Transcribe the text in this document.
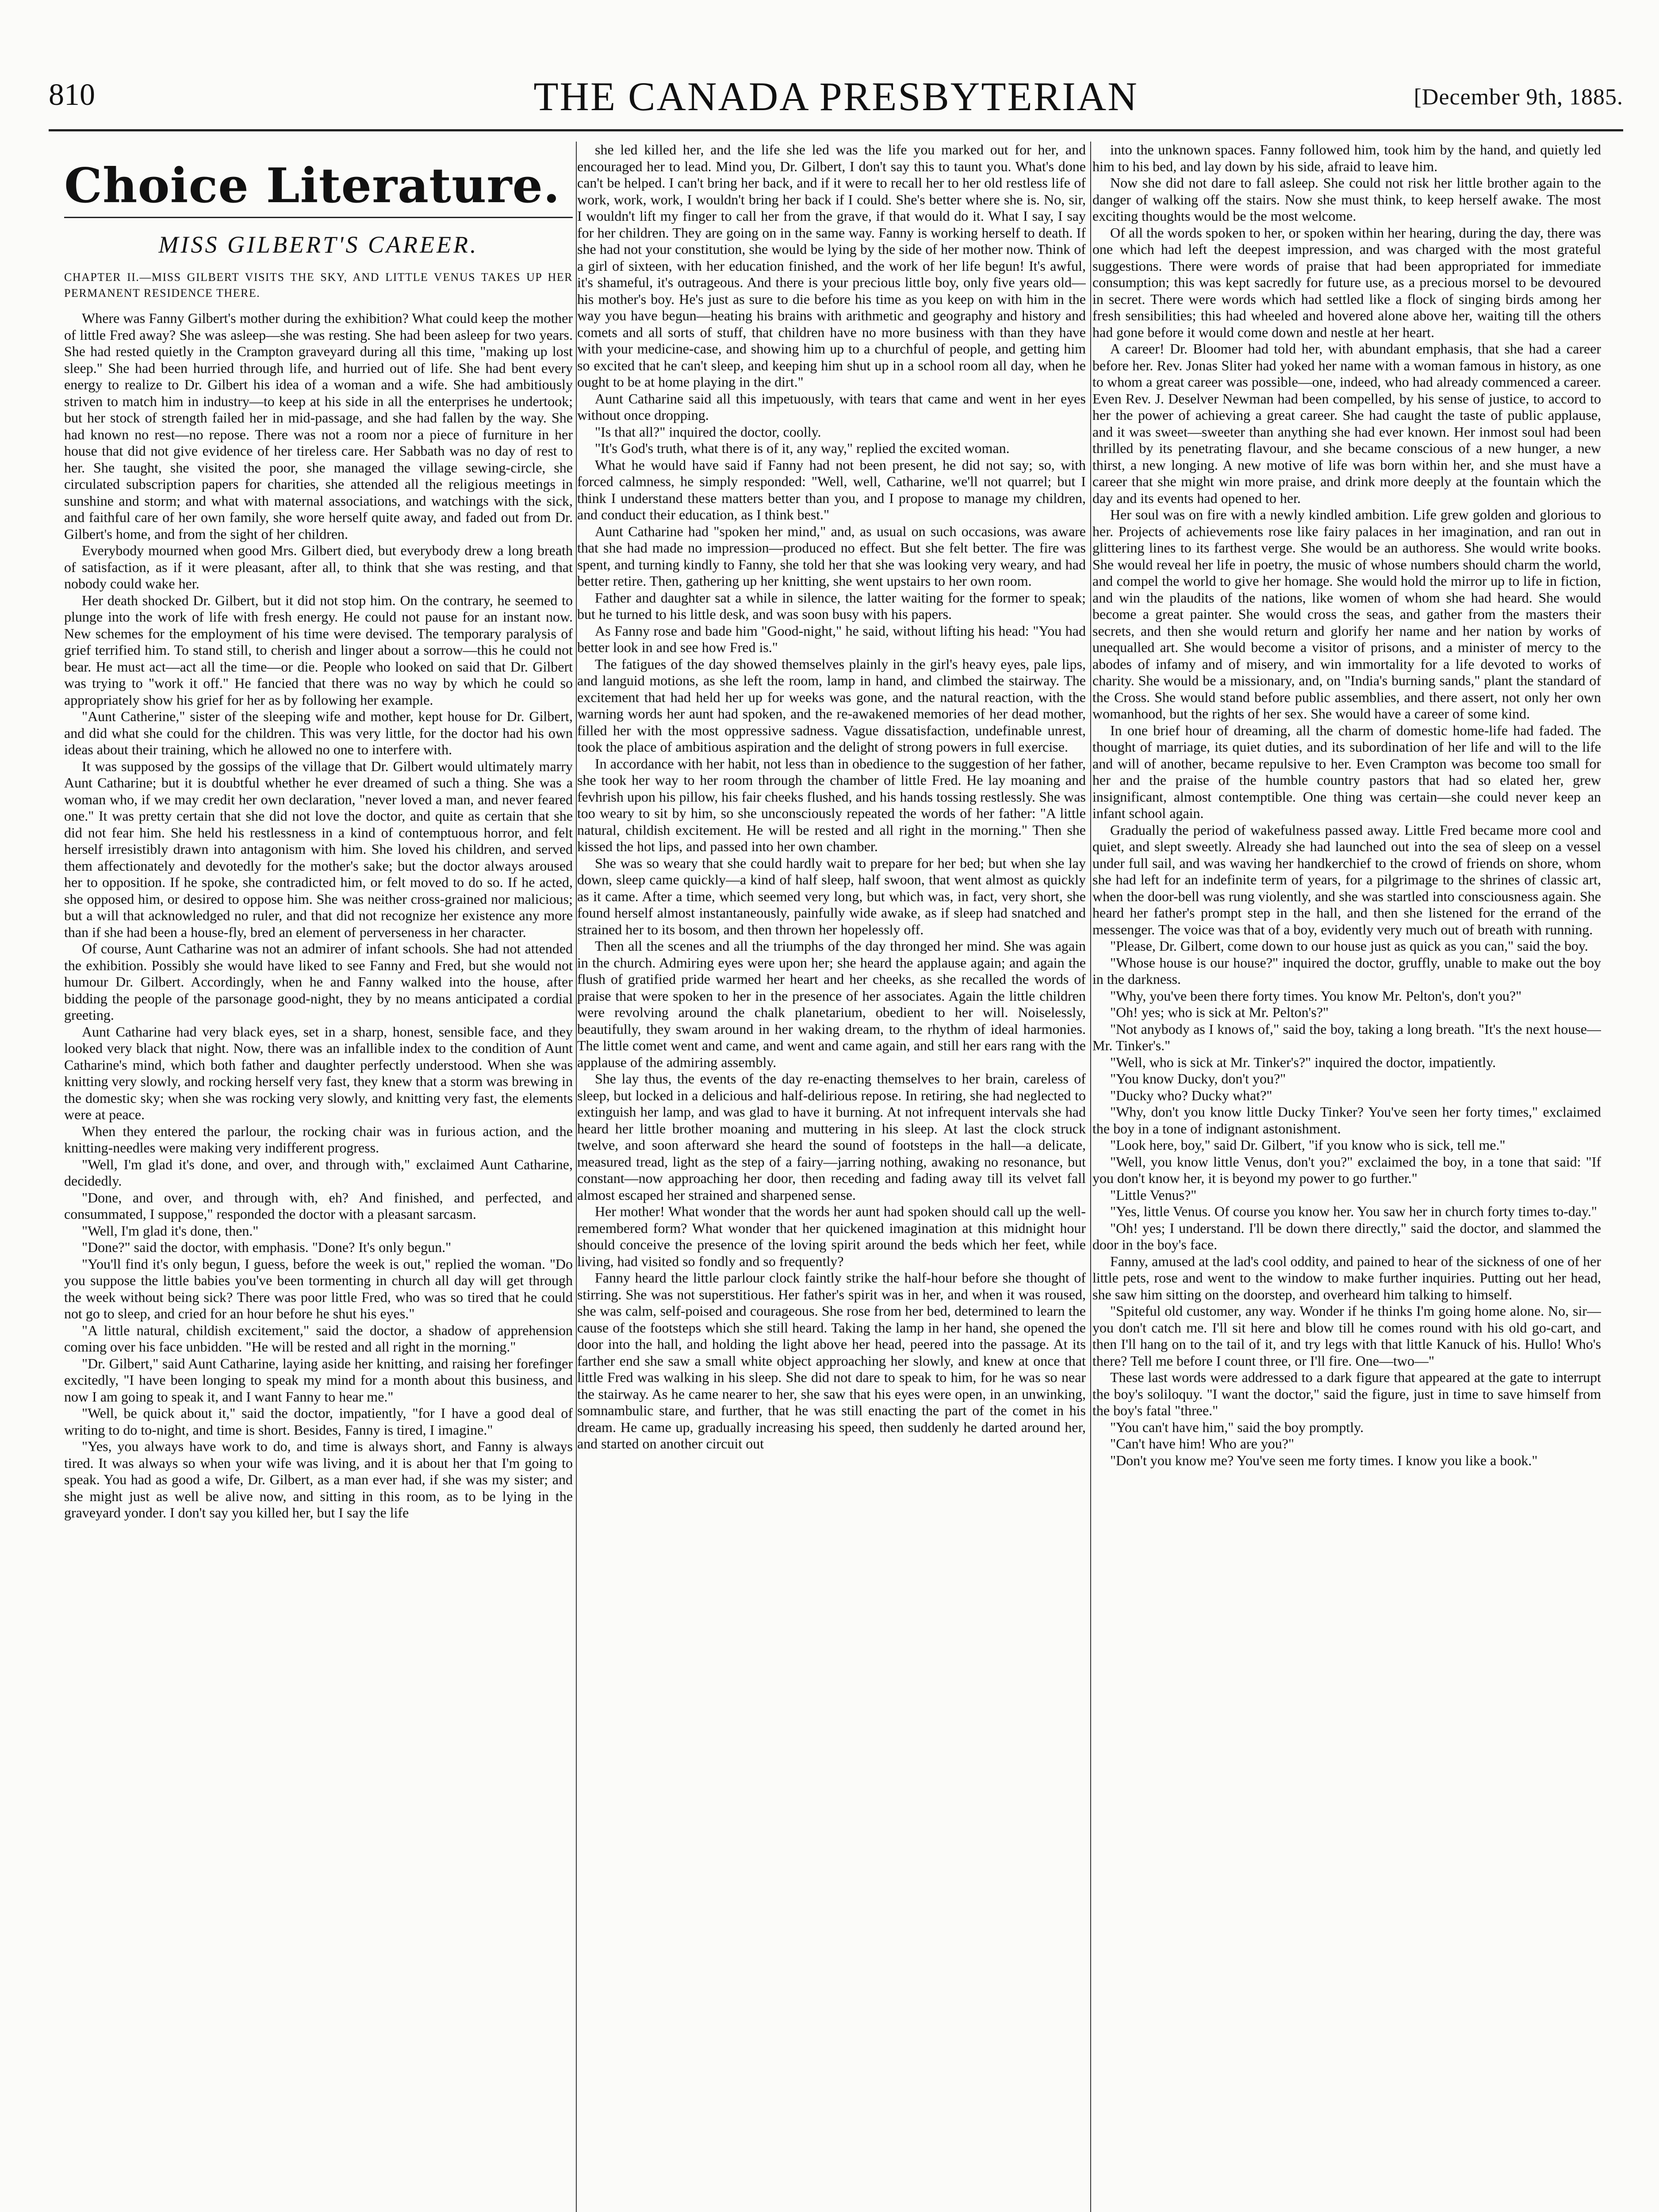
810	THE CANADA PRESBYTERIAN	[December 9th, 1885.
Choice Literature.
MISS GILBERT'S CAREER.
CHAPTER II.—MISS GILBERT VISITS THE SKY, AND LITTLE VENUS TAKES UP HER PERMANENT RESIDENCE THERE.

Where was Fanny Gilbert's mother during the exhibition? What could keep the mother of little Fred away? She was asleep—she was resting. She had been asleep for two years. She had rested quietly in the Crampton graveyard during all this time, "making up lost sleep." She had been hurried through life, and hurried out of life. She had bent every energy to realize to Dr. Gilbert his idea of a woman and a wife. She had ambitiously striven to match him in industry—to keep at his side in all the enterprises he undertook; but her stock of strength failed her in mid-passage, and she had fallen by the way. She had known no rest—no repose. There was not a room nor a piece of furniture in her house that did not give evidence of her tireless care. Her Sabbath was no day of rest to her. She taught, she visited the poor, she managed the village sewing-circle, she circulated subscription papers for charities, she attended all the religious meetings in sunshine and storm; and what with maternal associations, and watchings with the sick, and faithful care of her own family, she wore herself quite away, and faded out from Dr. Gilbert's home, and from the sight of her children.

Everybody mourned when good Mrs. Gilbert died, but everybody drew a long breath of satisfaction, as if it were pleasant, after all, to think that she was resting, and that nobody could wake her.

Her death shocked Dr. Gilbert, but it did not stop him. On the contrary, he seemed to plunge into the work of life with fresh energy. He could not pause for an instant now. New schemes for the employment of his time were devised. The temporary paralysis of grief terrified him. To stand still, to cherish and linger about a sorrow—this he could not bear. He must act—act all the time—or die. People who looked on said that Dr. Gilbert was trying to "work it off." He fancied that there was no way by which he could so appropriately show his grief for her as by following her example.

"Aunt Catherine," sister of the sleeping wife and mother, kept house for Dr. Gilbert, and did what she could for the children. This was very little, for the doctor had his own ideas about their training, which he allowed no one to interfere with.

It was supposed by the gossips of the village that Dr. Gilbert would ultimately marry Aunt Catharine; but it is doubtful whether he ever dreamed of such a thing. She was a woman who, if we may credit her own declaration, "never loved a man, and never feared one." It was pretty certain that she did not love the doctor, and quite as certain that she did not fear him. She held his restlessness in a kind of contemptuous horror, and felt herself irresistibly drawn into antagonism with him. She loved his children, and served them affectionately and devotedly for the mother's sake; but the doctor always aroused her to opposition. If he spoke, she contradicted him, or felt moved to do so. If he acted, she opposed him, or desired to oppose him. She was neither cross-grained nor malicious; but a will that acknowledged no ruler, and that did not recognize her existence any more than if she had been a house-fly, bred an element of perverseness in her character.

Of course, Aunt Catharine was not an admirer of infant schools. She had not attended the exhibition. Possibly she would have liked to see Fanny and Fred, but she would not humour Dr. Gilbert. Accordingly, when he and Fanny walked into the house, after bidding the people of the parsonage good-night, they by no means anticipated a cordial greeting.

Aunt Catharine had very black eyes, set in a sharp, honest, sensible face, and they looked very black that night. Now, there was an infallible index to the condition of Aunt Catharine's mind, which both father and daughter perfectly understood. When she was knitting very slowly, and rocking herself very fast, they knew that a storm was brewing in the domestic sky; when she was rocking very slowly, and knitting very fast, the elements were at peace.

When they entered the parlour, the rocking chair was in furious action, and the knitting-needles were making very indifferent progress.

"Well, I'm glad it's done, and over, and through with," exclaimed Aunt Catharine, decidedly.

"Done, and over, and through with, eh? And finished, and perfected, and consummated, I suppose," responded the doctor with a pleasant sarcasm.

"Well, I'm glad it's done, then."

"Done?" said the doctor, with emphasis. "Done? It's only begun."

"You'll find it's only begun, I guess, before the week is out," replied the woman. "Do you suppose the little babies you've been tormenting in church all day will get through the week without being sick? There was poor little Fred, who was so tired that he could not go to sleep, and cried for an hour before he shut his eyes."

"A little natural, childish excitement," said the doctor, a shadow of apprehension coming over his face unbidden. "He will be rested and all right in the morning."

"Dr. Gilbert," said Aunt Catharine, laying aside her knitting, and raising her forefinger excitedly, "I have been longing to speak my mind for a month about this business, and now I am going to speak it, and I want Fanny to hear me."

"Well, be quick about it," said the doctor, impatiently, "for I have a good deal of writing to do to-night, and time is short. Besides, Fanny is tired, I imagine."

"Yes, you always have work to do, and time is always short, and Fanny is always tired. It was always so when your wife was living, and it is about her that I'm going to speak. You had as good a wife, Dr. Gilbert, as a man ever had, if she was my sister; and she might just as well be alive now, and sitting in this room, as to be lying in the graveyard yonder. I don't say you killed her, but I say the life

she led killed her, and the life she led was the life you marked out for her, and encouraged her to lead. Mind you, Dr. Gilbert, I don't say this to taunt you. What's done can't be helped. I can't bring her back, and if it were to recall her to her old restless life of work, work, work, I wouldn't bring her back if I could. She's better where she is. No, sir, I wouldn't lift my finger to call her from the grave, if that would do it. What I say, I say for her children. They are going on in the same way. Fanny is working herself to death. If she had not your constitution, she would be lying by the side of her mother now. Think of a girl of sixteen, with her education finished, and the work of her life begun! It's awful, it's shameful, it's outrageous. And there is your precious little boy, only five years old—his mother's boy. He's just as sure to die before his time as you keep on with him in the way you have begun—heating his brains with arithmetic and geography and history and comets and all sorts of stuff, that children have no more business with than they have with your medicine-case, and showing him up to a churchful of people, and getting him so excited that he can't sleep, and keeping him shut up in a school room all day, when he ought to be at home playing in the dirt."

Aunt Catharine said all this impetuously, with tears that came and went in her eyes without once dropping.

"Is that all?" inquired the doctor, coolly.

"It's God's truth, what there is of it, any way," replied the excited woman.

What he would have said if Fanny had not been present, he did not say; so, with forced calmness, he simply responded: "Well, well, Catharine, we'll not quarrel; but I think I understand these matters better than you, and I propose to manage my children, and conduct their education, as I think best."

Aunt Catharine had "spoken her mind," and, as usual on such occasions, was aware that she had made no impression—produced no effect. But she felt better. The fire was spent, and turning kindly to Fanny, she told her that she was looking very weary, and had better retire. Then, gathering up her knitting, she went upstairs to her own room.

Father and daughter sat a while in silence, the latter waiting for the former to speak; but he turned to his little desk, and was soon busy with his papers.

As Fanny rose and bade him "Good-night," he said, without lifting his head: "You had better look in and see how Fred is."

The fatigues of the day showed themselves plainly in the girl's heavy eyes, pale lips, and languid motions, as she left the room, lamp in hand, and climbed the stairway. The excitement that had held her up for weeks was gone, and the natural reaction, with the warning words her aunt had spoken, and the re-awakened memories of her dead mother, filled her with the most oppressive sadness. Vague dissatisfaction, undefinable unrest, took the place of ambitious aspiration and the delight of strong powers in full exercise.

In accordance with her habit, not less than in obedience to the suggestion of her father, she took her way to her room through the chamber of little Fred. He lay moaning and fevhrish upon his pillow, his fair cheeks flushed, and his hands tossing restlessly. She was too weary to sit by him, so she unconsciously repeated the words of her father: "A little natural, childish excitement. He will be rested and all right in the morning." Then she kissed the hot lips, and passed into her own chamber.

She was so weary that she could hardly wait to prepare for her bed; but when she lay down, sleep came quickly—a kind of half sleep, half swoon, that went almost as quickly as it came. After a time, which seemed very long, but which was, in fact, very short, she found herself almost instantaneously, painfully wide awake, as if sleep had snatched and strained her to its bosom, and then thrown her hopelessly off.

Then all the scenes and all the triumphs of the day thronged her mind. She was again in the church. Admiring eyes were upon her; she heard the applause again; and again the flush of gratified pride warmed her heart and her cheeks, as she recalled the words of praise that were spoken to her in the presence of her associates. Again the little children were revolving around the chalk planetarium, obedient to her will. Noiselessly, beautifully, they swam around in her waking dream, to the rhythm of ideal harmonies. The little comet went and came, and went and came again, and still her ears rang with the applause of the admiring assembly.

She lay thus, the events of the day re-enacting themselves to her brain, careless of sleep, but locked in a delicious and half-delirious repose. In retiring, she had neglected to extinguish her lamp, and was glad to have it burning. At not infrequent intervals she had heard her little brother moaning and muttering in his sleep. At last the clock struck twelve, and soon afterward she heard the sound of footsteps in the hall—a delicate, measured tread, light as the step of a fairy—jarring nothing, awaking no resonance, but constant—now approaching her door, then receding and fading away till its velvet fall almost escaped her strained and sharpened sense.

Her mother! What wonder that the words her aunt had spoken should call up the well-remembered form? What wonder that her quickened imagination at this midnight hour should conceive the presence of the loving spirit around the beds which her feet, while living, had visited so fondly and so frequently?

Fanny heard the little parlour clock faintly strike the half-hour before she thought of stirring. She was not superstitious. Her father's spirit was in her, and when it was roused, she was calm, self-poised and courageous. She rose from her bed, determined to learn the cause of the footsteps which she still heard. Taking the lamp in her hand, she opened the door into the hall, and holding the light above her head, peered into the passage. At its farther end she saw a small white object approaching her slowly, and knew at once that little Fred was walking in his sleep. She did not dare to speak to him, for he was so near the stairway. As he came nearer to her, she saw that his eyes were open, in an unwinking, somnambulic stare, and further, that he was still enacting the part of the comet in his dream. He came up, gradually increasing his speed, then suddenly he darted around her, and started on another circuit out

into the unknown spaces. Fanny followed him, took him by the hand, and quietly led him to his bed, and lay down by his side, afraid to leave him.

Now she did not dare to fall asleep. She could not risk her little brother again to the danger of walking off the stairs. Now she must think, to keep herself awake. The most exciting thoughts would be the most welcome.

Of all the words spoken to her, or spoken within her hearing, during the day, there was one which had left the deepest impression, and was charged with the most grateful suggestions. There were words of praise that had been appropriated for immediate consumption; this was kept sacredly for future use, as a precious morsel to be devoured in secret. There were words which had settled like a flock of singing birds among her fresh sensibilities; this had wheeled and hovered alone above her, waiting till the others had gone before it would come down and nestle at her heart.

A career! Dr. Bloomer had told her, with abundant emphasis, that she had a career before her. Rev. Jonas Sliter had yoked her name with a woman famous in history, as one to whom a great career was possible—one, indeed, who had already commenced a career. Even Rev. J. Deselver Newman had been compelled, by his sense of justice, to accord to her the power of achieving a great career. She had caught the taste of public applause, and it was sweet—sweeter than anything she had ever known. Her inmost soul had been thrilled by its penetrating flavour, and she became conscious of a new hunger, a new thirst, a new longing. A new motive of life was born within her, and she must have a career that she might win more praise, and drink more deeply at the fountain which the day and its events had opened to her.

Her soul was on fire with a newly kindled ambition. Life grew golden and glorious to her. Projects of achievements rose like fairy palaces in her imagination, and ran out in glittering lines to its farthest verge. She would be an authoress. She would write books. She would reveal her life in poetry, the music of whose numbers should charm the world, and compel the world to give her homage. She would hold the mirror up to life in fiction, and win the plaudits of the nations, like women of whom she had heard. She would become a great painter. She would cross the seas, and gather from the masters their secrets, and then she would return and glorify her name and her nation by works of unequalled art. She would become a visitor of prisons, and a minister of mercy to the abodes of infamy and of misery, and win immortality for a life devoted to works of charity. She would be a missionary, and, on "India's burning sands," plant the standard of the Cross. She would stand before public assemblies, and there assert, not only her own womanhood, but the rights of her sex. She would have a career of some kind.

In one brief hour of dreaming, all the charm of domestic home-life had faded. The thought of marriage, its quiet duties, and its subordination of her life and will to the life and will of another, became repulsive to her. Even Crampton was become too small for her and the praise of the humble country pastors that had so elated her, grew insignificant, almost contemptible. One thing was certain—she could never keep an infant school again.

Gradually the period of wakefulness passed away. Little Fred became more cool and quiet, and slept sweetly. Already she had launched out into the sea of sleep on a vessel under full sail, and was waving her handkerchief to the crowd of friends on shore, whom she had left for an indefinite term of years, for a pilgrimage to the shrines of classic art, when the door-bell was rung violently, and she was startled into consciousness again. She heard her father's prompt step in the hall, and then she listened for the errand of the messenger. The voice was that of a boy, evidently very much out of breath with running.

"Please, Dr. Gilbert, come down to our house just as quick as you can," said the boy.

"Whose house is our house?" inquired the doctor, gruffly, unable to make out the boy in the darkness.

"Why, you've been there forty times. You know Mr. Pelton's, don't you?"

"Oh! yes; who is sick at Mr. Pelton's?"

"Not anybody as I knows of," said the boy, taking a long breath. "It's the next house—Mr. Tinker's."

"Well, who is sick at Mr. Tinker's?" inquired the doctor, impatiently.

"You know Ducky, don't you?"

"Ducky who? Ducky what?"

"Why, don't you know little Ducky Tinker? You've seen her forty times," exclaimed the boy in a tone of indignant astonishment.

"Look here, boy," said Dr. Gilbert, "if you know who is sick, tell me."

"Well, you know little Venus, don't you?" exclaimed the boy, in a tone that said: "If you don't know her, it is beyond my power to go further."

"Little Venus?"

"Yes, little Venus. Of course you know her. You saw her in church forty times to-day."

"Oh! yes; I understand. I'll be down there directly," said the doctor, and slammed the door in the boy's face.

Fanny, amused at the lad's cool oddity, and pained to hear of the sickness of one of her little pets, rose and went to the window to make further inquiries. Putting out her head, she saw him sitting on the doorstep, and overheard him talking to himself.

"Spiteful old customer, any way. Wonder if he thinks I'm going home alone. No, sir—you don't catch me. I'll sit here and blow till he comes round with his old go-cart, and then I'll hang on to the tail of it, and try legs with that little Kanuck of his. Hullo! Who's there? Tell me before I count three, or I'll fire. One—two—"

These last words were addressed to a dark figure that appeared at the gate to interrupt the boy's soliloquy. "I want the doctor," said the figure, just in time to save himself from the boy's fatal "three."

"You can't have him," said the boy promptly.

"Can't have him! Who are you?"

"Don't you know me? You've seen me forty times. I know you like a book."
